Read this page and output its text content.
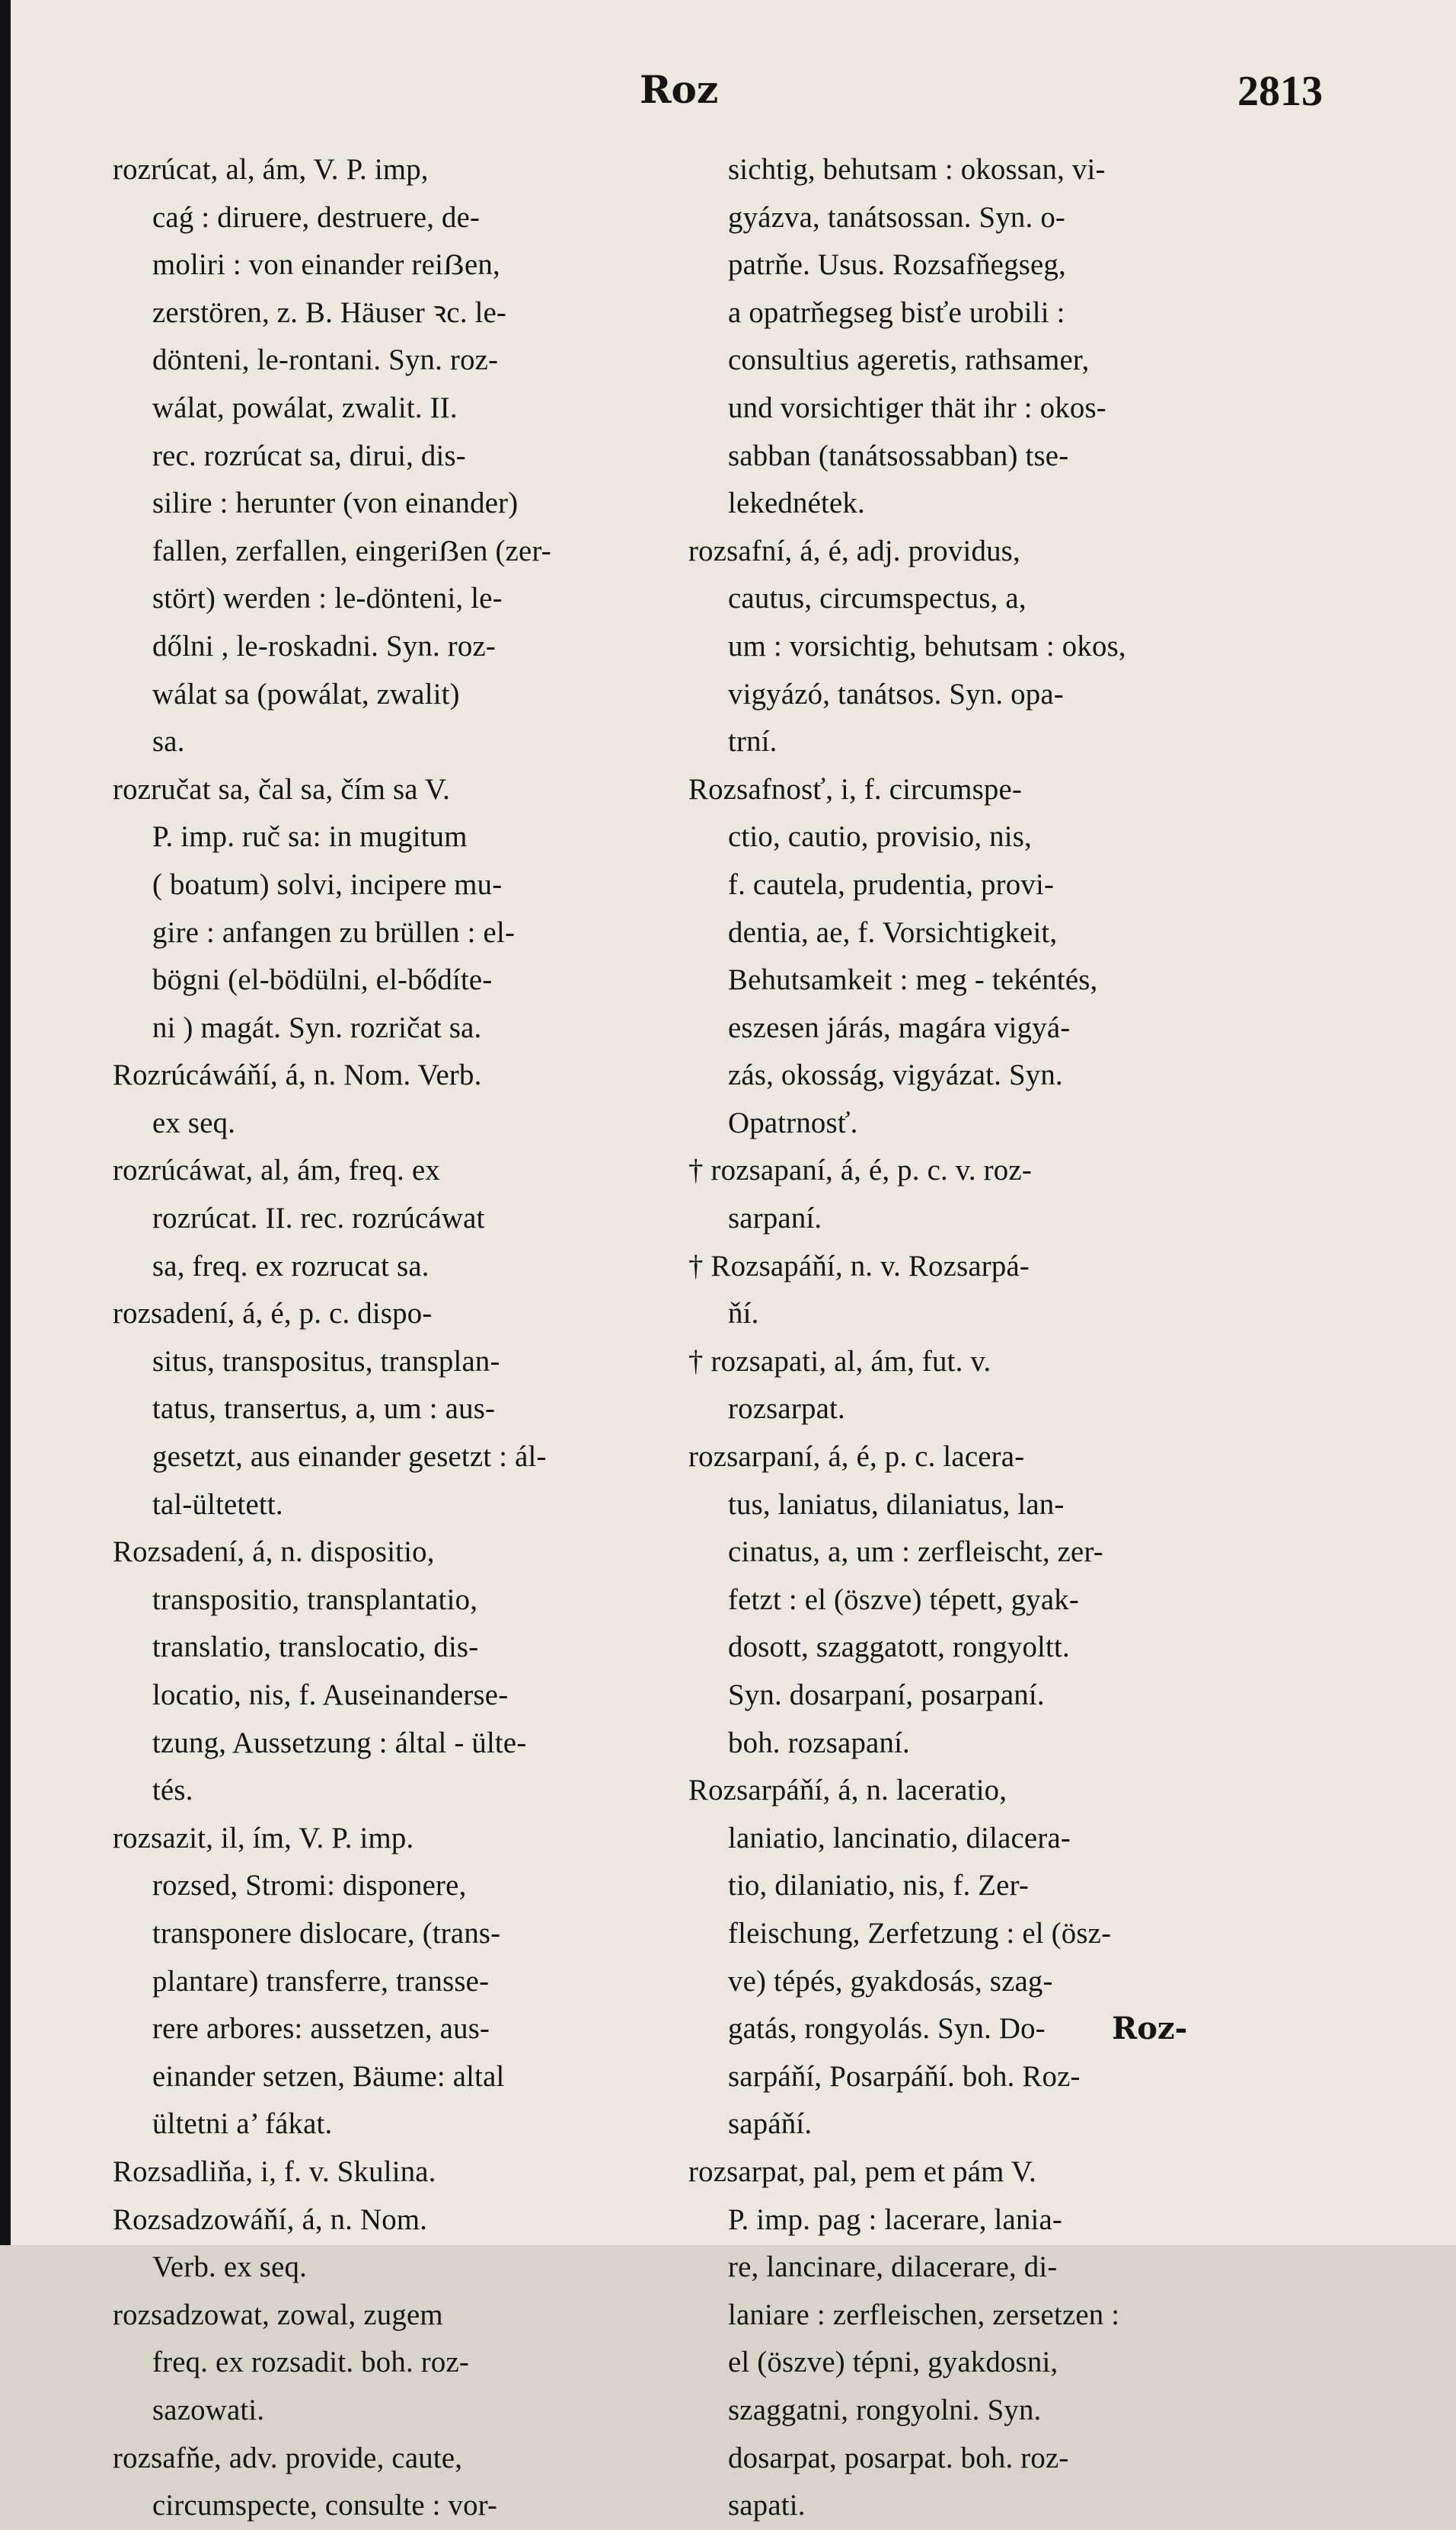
Roz	2813
rozrúcat, al, ám, V. P. imp,
caǵ : diruere, destruere, de-
moliri : von einander reiẞen,
zerstören, z. B. Häuser ꝛc. le-
dönteni, le-rontani. Syn. roz-
wálat, powálat, zwalit. II.
rec. rozrúcat sa, dirui, dis-
silire : herunter (von einander)
fallen, zerfallen, eingeriẞen (zer-
stört) werden : le-dönteni, le-
dőlni , le-roskadni. Syn. roz-
wálat sa (powálat, zwalit)
sa.
rozručat sa, čal sa, čím sa V.
P. imp. ruč sa: in mugitum
( boatum) solvi, incipere mu-
gire : anfangen zu brüllen : el-
bögni (el-bödülni, el-bődíte-
ni ) magát. Syn. rozričat sa.
Rozrúcáwáňí, á, n. Nom. Verb.
ex seq.
rozrúcáwat, al, ám, freq. ex
rozrúcat. II. rec. rozrúcáwat
sa, freq. ex rozrucat sa.
rozsadení, á, é, p. c. dispo-
situs, transpositus, transplan-
tatus, transertus, a, um : aus-
gesetzt, aus einander gesetzt : ál-
tal-ültetett.
Rozsadení, á, n. dispositio,
transpositio, transplantatio,
translatio, translocatio, dis-
locatio, nis, f. Auseinanderse-
tzung, Aussetzung : által - ülte-
tés.
rozsazit, il, ím, V. P. imp.
rozsed, Stromi: disponere,
transponere dislocare, (trans-
plantare) transferre, transse-
rere arbores: aussetzen, aus-
einander setzen, Bäume: altal
ültetni a’ fákat.
Rozsadliňa, i, f. v. Skulina.
Rozsadzowáňí, á, n. Nom.
Verb. ex seq.
rozsadzowat, zowal, zugem
freq. ex rozsadit. boh. roz-
sazowati.
rozsafňe, adv. provide, caute,
circumspecte, consulte : vor-
sichtig, behutsam : okossan, vi-
gyázva, tanátsossan. Syn. o-
patrňe. Usus. Rozsafňegseg,
a opatrňegseg bisťe urobili :
consultius ageretis, rathsamer,
und vorsichtiger thät ihr : okos-
sabban (tanátsossabban) tse-
lekednétek.
rozsafní, á, é, adj. providus,
cautus, circumspectus, a,
um : vorsichtig, behutsam : okos,
vigyázó, tanátsos. Syn. opa-
trní.
Rozsafnosť, i, f. circumspe-
ctio, cautio, provisio, nis,
f. cautela, prudentia, provi-
dentia, ae, f. Vorsichtigkeit,
Behutsamkeit : meg - tekéntés,
eszesen járás, magára vigyá-
zás, okosság, vigyázat. Syn.
Opatrnosť.
† rozsapaní, á, é, p. c. v. roz-
sarpaní.
† Rozsapáňí, n. v. Rozsarpá-
ňí.
† rozsapati, al, ám, fut. v.
rozsarpat.
rozsarpaní, á, é, p. c. lacera-
tus, laniatus, dilaniatus, lan-
cinatus, a, um : zerfleischt, zer-
fetzt : el (öszve) tépett, gyak-
dosott, szaggatott, rongyoltt.
Syn. dosarpaní, posarpaní.
boh. rozsapaní.
Rozsarpáňí, á, n. laceratio,
laniatio, lancinatio, dilacera-
tio, dilaniatio, nis, f. Zer-
fleischung, Zerfetzung : el (ösz-
ve) tépés, gyakdosás, szag-
gatás, rongyolás. Syn. Do-
sarpáňí, Posarpáňí. boh. Roz-
sapáňí.
rozsarpat, pal, pem et pám V.
P. imp. pag : lacerare, lania-
re, lancinare, dilacerare, di-
laniare : zerfleischen, zersetzen :
el (öszve) tépni, gyakdosni,
szaggatni, rongyolni. Syn.
dosarpat, posarpat. boh. roz-
sapati.
Roz-
